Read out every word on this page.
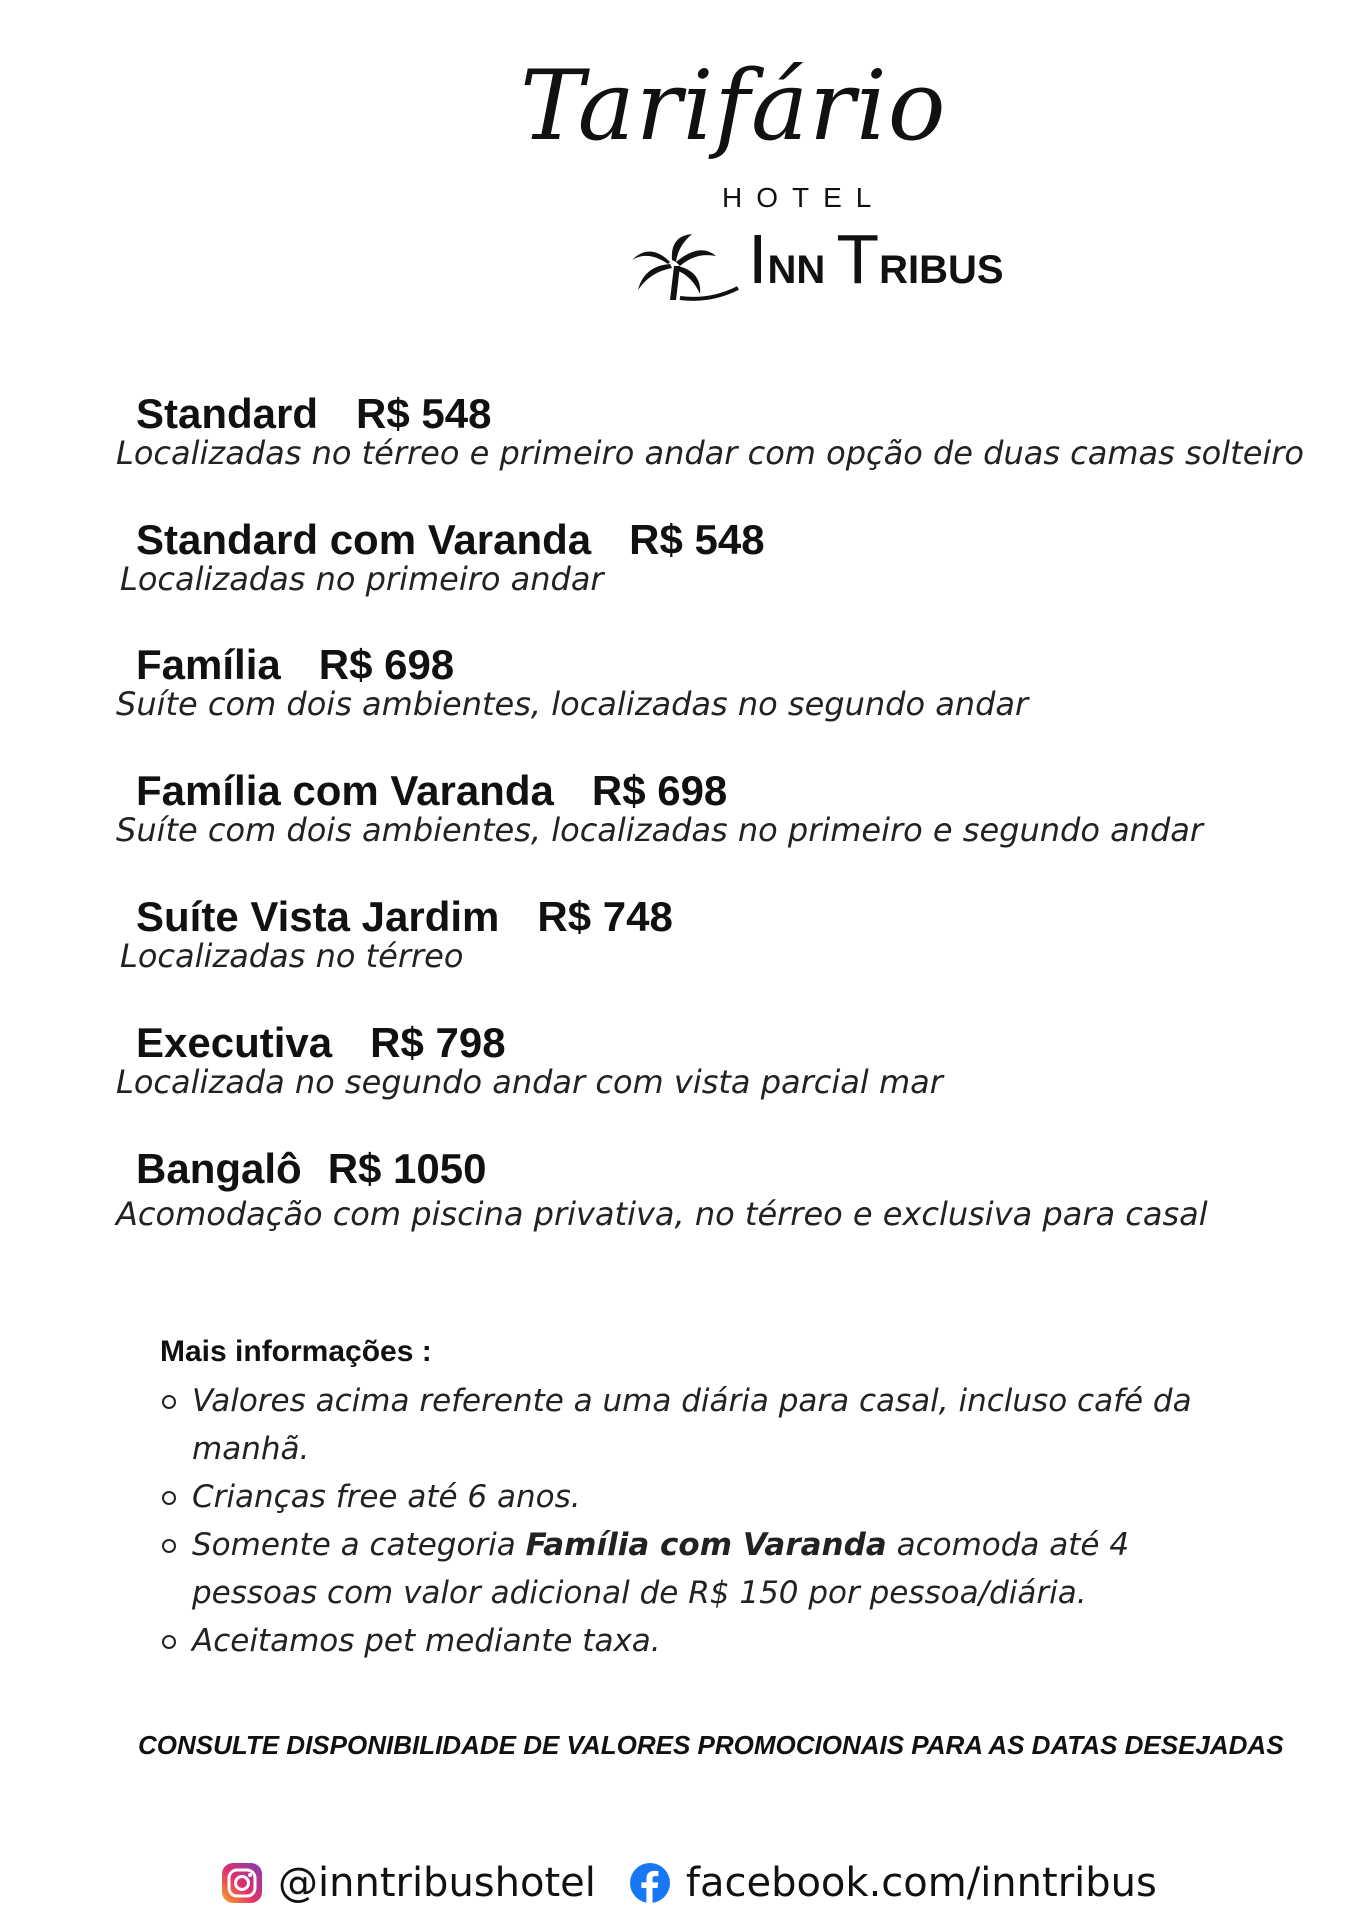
Tarifário
HOTEL
INN TRIBUS
Standard R$ 548
Localizadas no térreo e primeiro andar com opção de duas camas solteiro
Standard com Varanda R$ 548
Localizadas no primeiro andar
Família R$ 698
Suíte com dois ambientes, localizadas no segundo andar
Família com Varanda R$ 698
Suíte com dois ambientes, localizadas no primeiro e segundo andar
Suíte Vista Jardim R$ 748
Localizadas no térreo
Executiva R$ 798
Localizada no segundo andar com vista parcial mar
Bangalô R$ 1050
Acomodação com piscina privativa, no térreo e exclusiva para casal
Mais informações :
Valores acima referente a uma diária para casal, incluso café da manhã.
Crianças free até 6 anos.
Somente a categoria Família com Varanda acomoda até 4 pessoas com valor adicional de R$ 150 por pessoa/diária.
Aceitamos pet mediante taxa.
CONSULTE DISPONIBILIDADE DE VALORES PROMOCIONAIS PARA AS DATAS DESEJADAS
@inntribushotel facebook.com/inntribus
